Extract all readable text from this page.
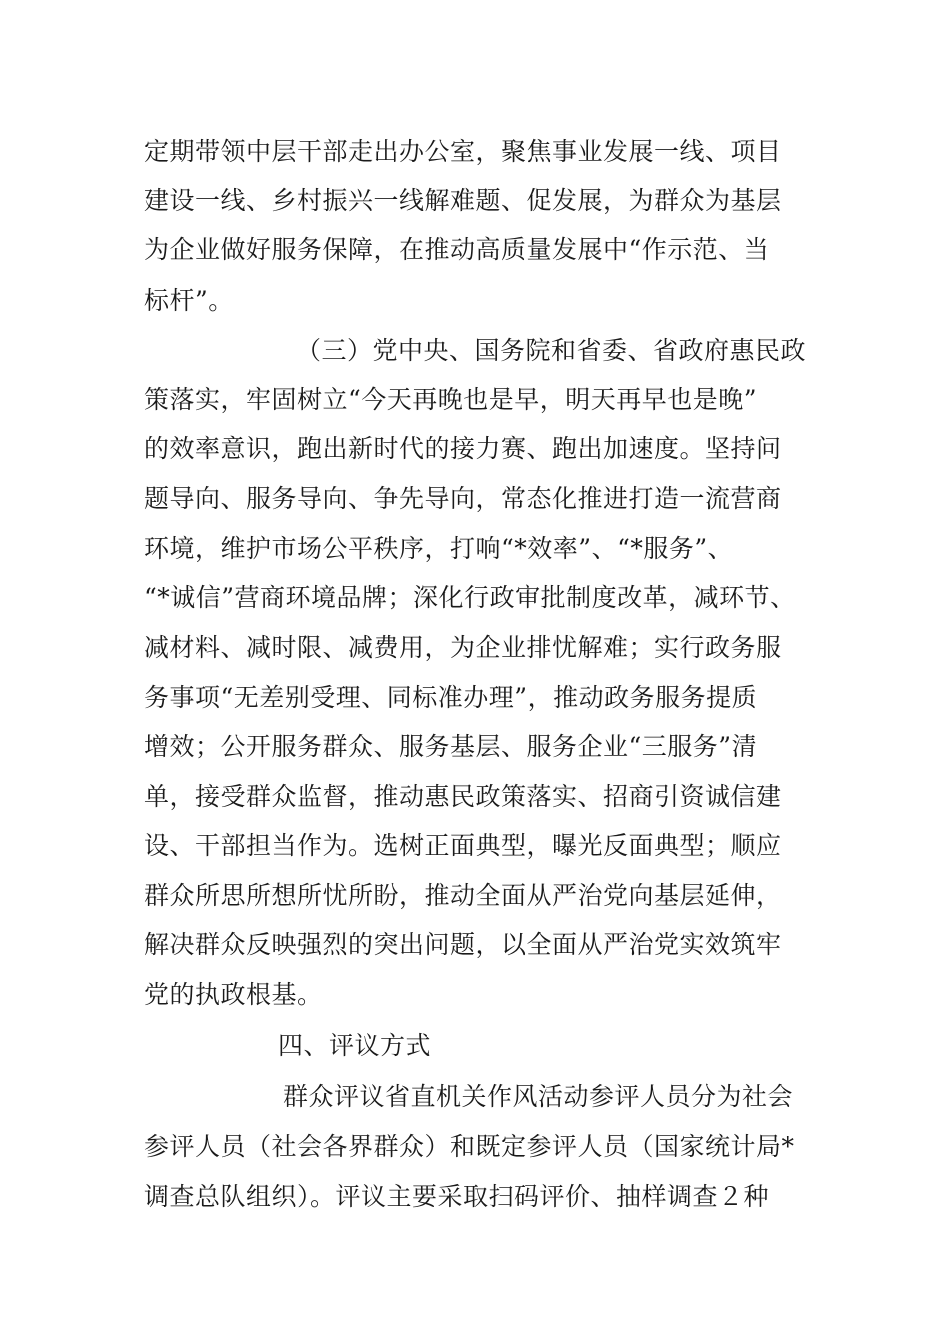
定期带领中层干部走出办公室，聚焦事业发展一线、项目
建设一线、乡村振兴一线解难题、促发展，为群众为基层
为企业做好服务保障，在推动高质量发展中“作示范、当
标杆”。
（三）党中央、国务院和省委、省政府惠民政
策落实，牢固树立“今天再晚也是早，明天再早也是晚”
的效率意识，跑出新时代的接力赛、跑出加速度。坚持问
题导向、服务导向、争先导向，常态化推进打造一流营商
环境，维护市场公平秩序，打响“*效率”、“*服务”、
“*诚信”营商环境品牌；深化行政审批制度改革，减环节、
减材料、减时限、减费用，为企业排忧解难；实行政务服
务事项“无差别受理、同标准办理”，推动政务服务提质
增效；公开服务群众、服务基层、服务企业“三服务”清
单，接受群众监督，推动惠民政策落实、招商引资诚信建
设、干部担当作为。选树正面典型，曝光反面典型；顺应
群众所思所想所忧所盼，推动全面从严治党向基层延伸，
解决群众反映强烈的突出问题，以全面从严治党实效筑牢
党的执政根基。
四、评议方式
群众评议省直机关作风活动参评人员分为社会
参评人员（社会各界群众）和既定参评人员（国家统计局*
调查总队组织）。评议主要采取扫码评价、抽样调查２种
